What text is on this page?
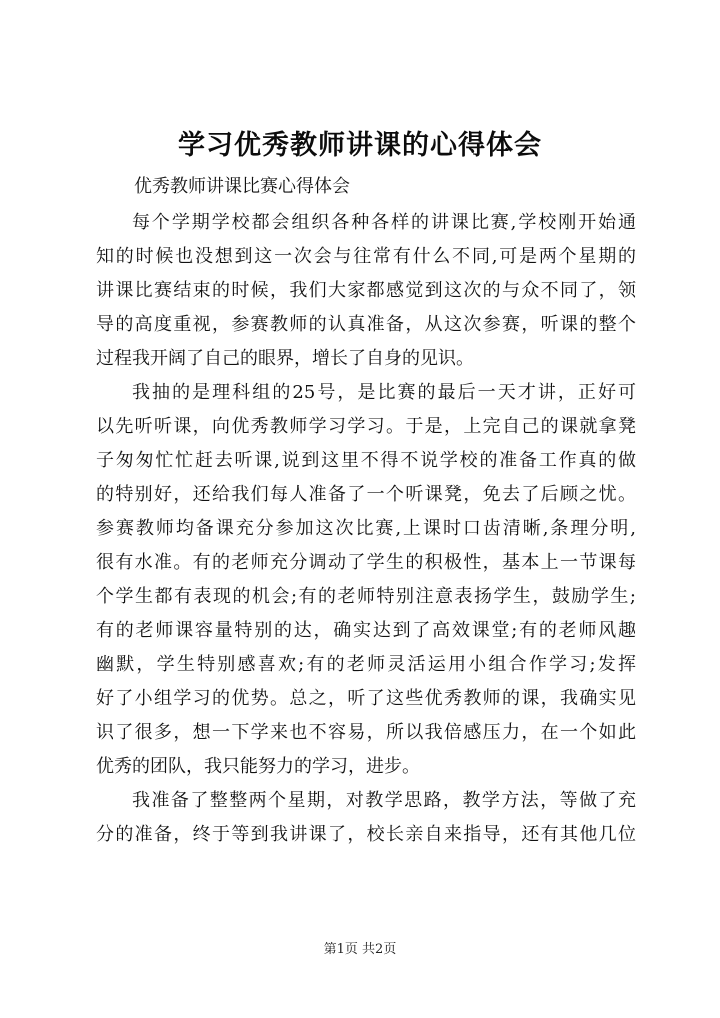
学习优秀教师讲课的心得体会
优秀教师讲课比赛心得体会
每个学期学校都会组织各种各样的讲课比赛,学校刚开始通
知的时候也没想到这一次会与往常有什么不同,可是两个星期的
讲课比赛结束的时候，我们大家都感觉到这次的与众不同了，领
导的高度重视，参赛教师的认真准备，从这次参赛，听课的整个
过程我开阔了自己的眼界，增长了自身的见识。
我抽的是理科组的25号，是比赛的最后一天才讲，正好可
以先听听课，向优秀教师学习学习。于是，上完自己的课就拿凳
子匆匆忙忙赶去听课,说到这里不得不说学校的准备工作真的做
的特别好，还给我们每人准备了一个听课凳，免去了后顾之忧。
参赛教师均备课充分参加这次比赛,上课时口齿清晰,条理分明,
很有水准。有的老师充分调动了学生的积极性，基本上一节课每
个学生都有表现的机会;有的老师特别注意表扬学生，鼓励学生;
有的老师课容量特别的达，确实达到了高效课堂;有的老师风趣
幽默，学生特别感喜欢;有的老师灵活运用小组合作学习;发挥
好了小组学习的优势。总之，听了这些优秀教师的课，我确实见
识了很多，想一下学来也不容易，所以我倍感压力，在一个如此
优秀的团队，我只能努力的学习，进步。
我准备了整整两个星期，对教学思路，教学方法，等做了充
分的准备，终于等到我讲课了，校长亲自来指导，还有其他几位
第1页 共2页
